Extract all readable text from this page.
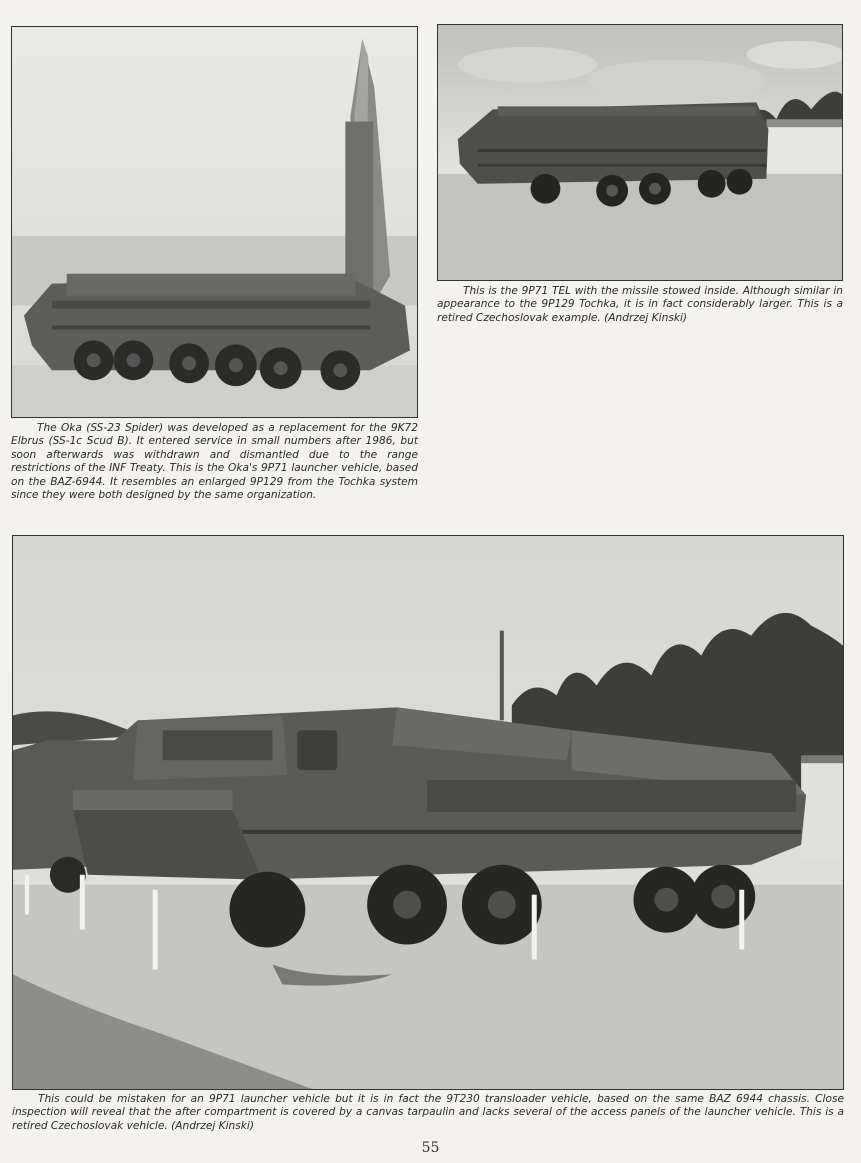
The Oka (SS-23 Spider) was developed as a replacement for the 9K72 Elbrus (SS-1c Scud B). It entered service in small numbers after 1986, but soon afterwards was withdrawn and dismantled due to the range restrictions of the INF Treaty. This is the Oka's 9P71 launcher vehicle, based on the BAZ-6944. It resembles an enlarged 9P129 from the Tochka system since they were both designed by the same organization.

This is the 9P71 TEL with the missile stowed inside. Although similar in appearance to the 9P129 Tochka, it is in fact considerably larger. This is a retired Czechoslovak example. (Andrzej Kinski)

This could be mistaken for an 9P71 launcher vehicle but it is in fact the 9T230 transloader vehicle, based on the same BAZ 6944 chassis. Close inspection will reveal that the after compartment is covered by a canvas tarpaulin and lacks several of the access panels of the launcher vehicle. This is a retired Czechoslovak vehicle. (Andrzej Kinski)

55
